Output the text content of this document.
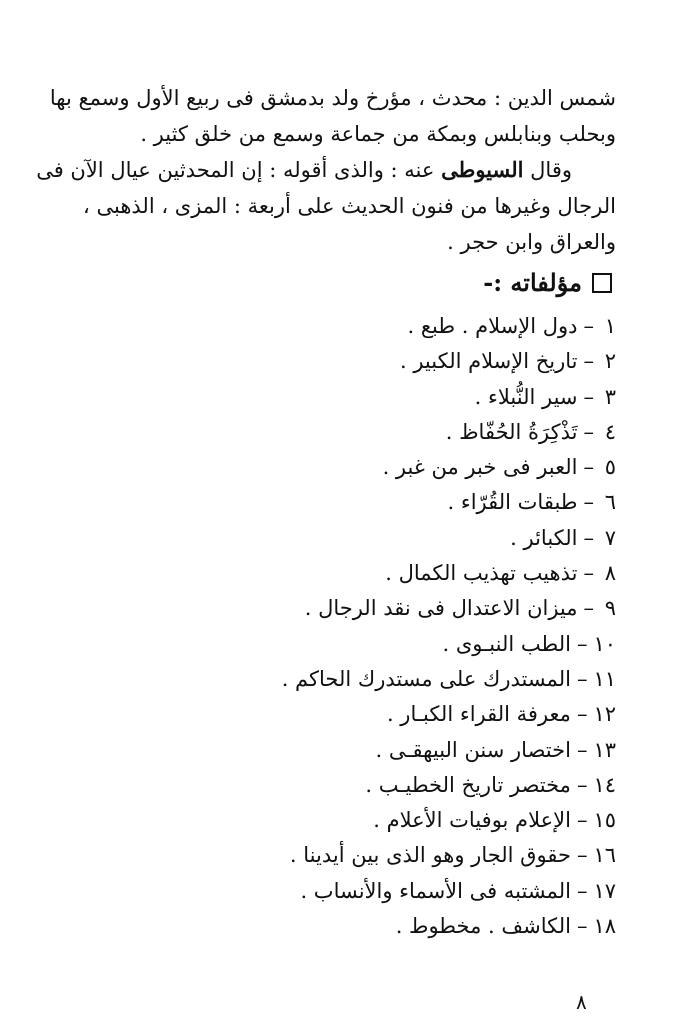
شمس الدين : محدث ، مؤرخ ولد بدمشق فى ربيع الأول وسمع بها
وبحلب وبنابلس وبمكة من جماعة وسمع من خلق كثير .
وقال السيوطى عنه : والذى أقوله : إن المحدثين عيال الآن فى
الرجال وغيرها من فنون الحديث على أربعة : المزى ، الذهبى ،
والعراق وابن حجر .
مؤلفاته :-
١–دول الإسلام . طبع .
٢–تاريخ الإسلام الكبير .
٣–سير النُّبلاء .
٤–تَذْكِرَةُ الحُفّاظ .
٥–العبر فى خبر من غبر .
٦–طبقات القُرّاء .
٧–الكبائر .
٨–تذهيب تهذيب الكمال .
٩–ميزان الاعتدال فى نقد الرجال .
١٠–الطب النبـوى .
١١–المستدرك على مستدرك الحاكم .
١٢–معرفة القراء الكبـار .
١٣–اختصار سنن البيهقـى .
١٤–مختصر تاريخ الخطيـب .
١٥–الإعلام بوفيات الأعلام .
١٦–حقوق الجار وهو الذى بين أيدينا .
١٧–المشتبه فى الأسماء والأنساب .
١٨–الكاشف . مخطوط .
٨
